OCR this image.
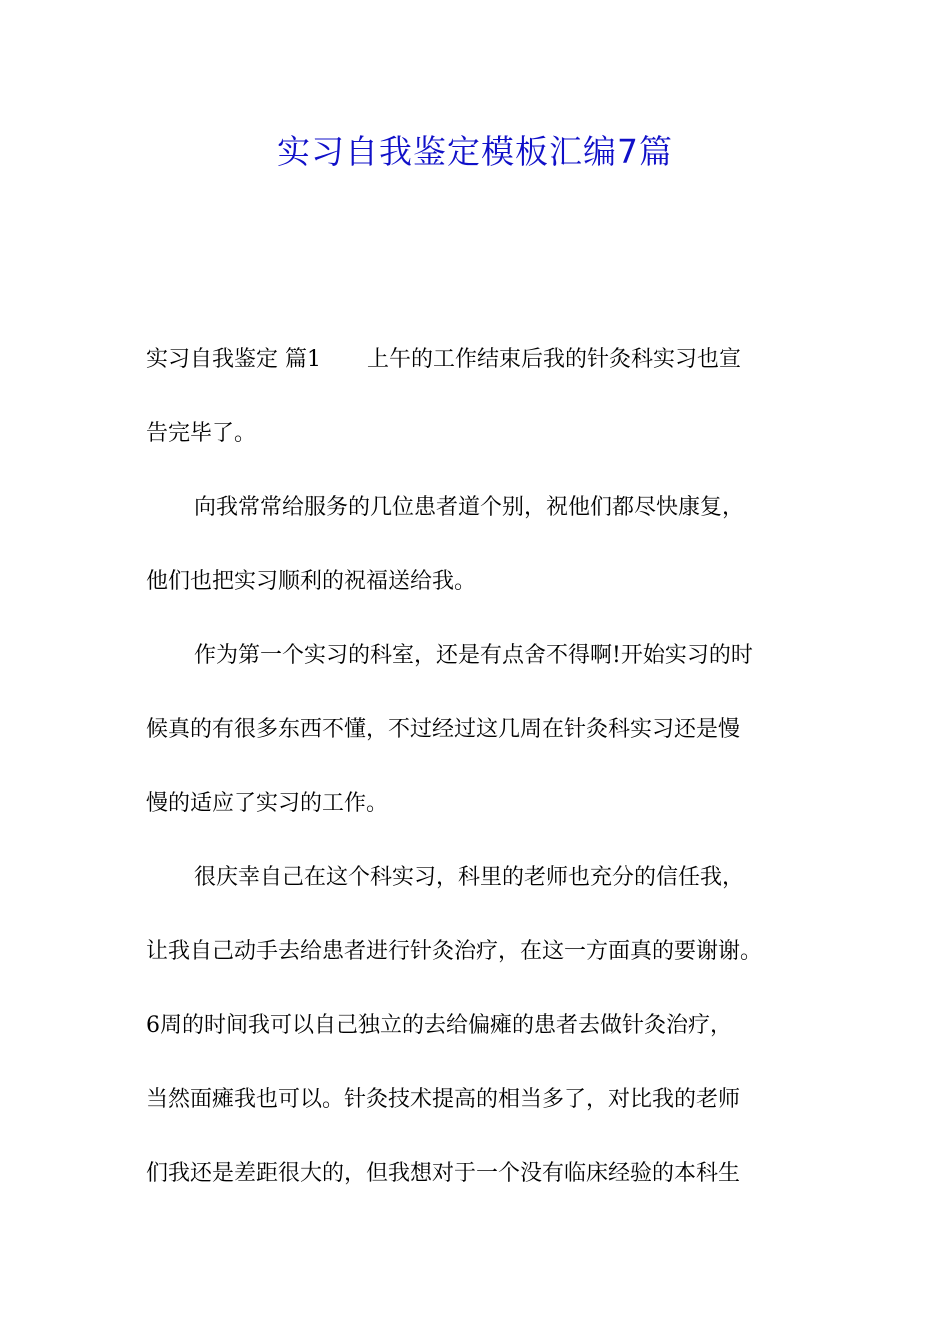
实习自我鉴定模板汇编7篇
实习自我鉴定 篇1 上午的工作结束后我的针灸科实习也宣
告完毕了。
向我常常给服务的几位患者道个别，祝他们都尽快康复，
他们也把实习顺利的祝福送给我。
作为第一个实习的科室，还是有点舍不得啊!开始实习的时
候真的有很多东西不懂，不过经过这几周在针灸科实习还是慢
慢的适应了实习的工作。
很庆幸自己在这个科实习，科里的老师也充分的信任我，
让我自己动手去给患者进行针灸治疗，在这一方面真的要谢谢。
6周的时间我可以自己独立的去给偏瘫的患者去做针灸治疗，
当然面瘫我也可以。针灸技术提高的相当多了，对比我的老师
们我还是差距很大的，但我想对于一个没有临床经验的本科生
